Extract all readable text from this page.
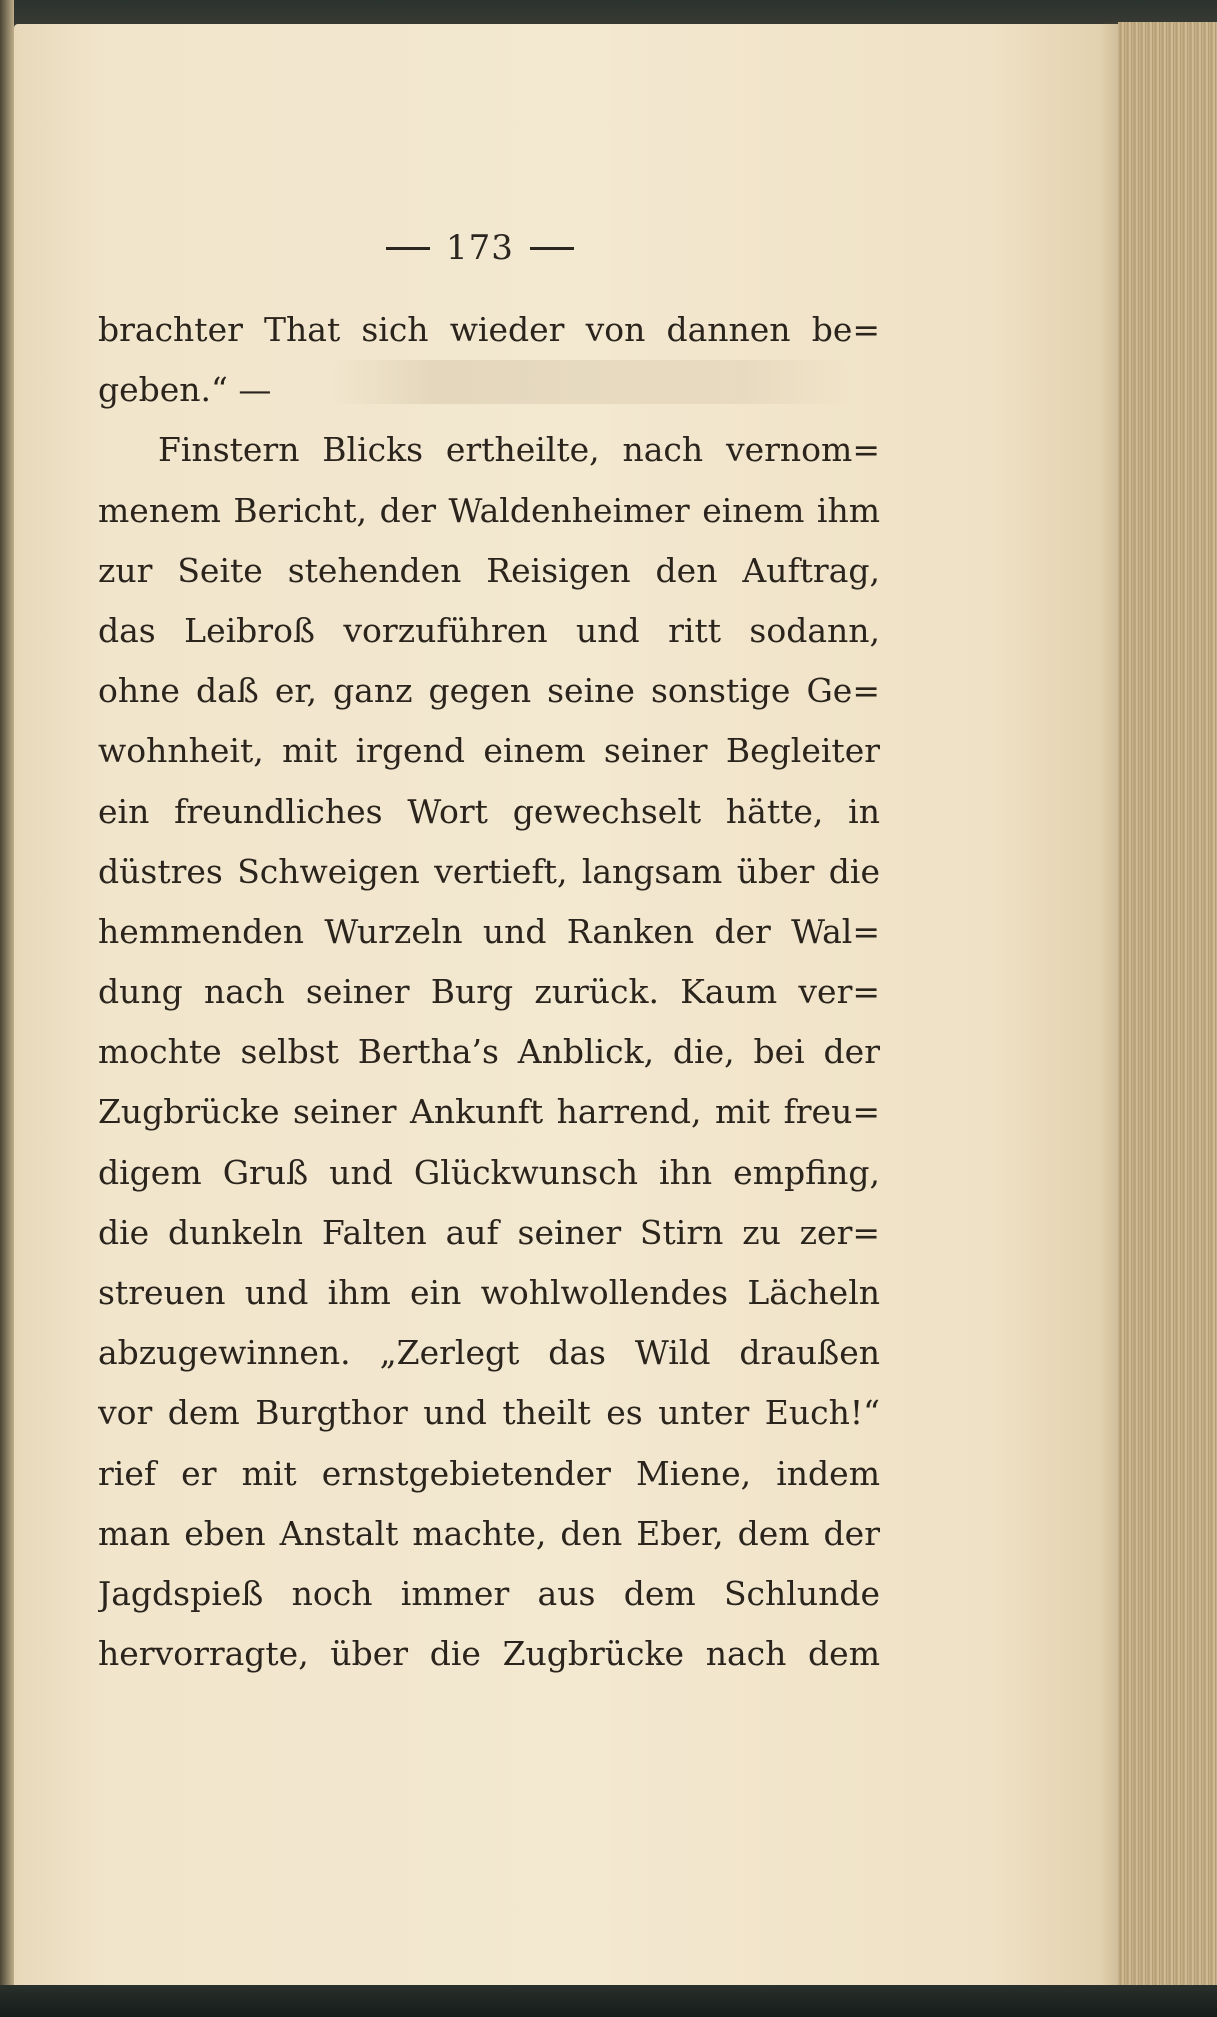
173
brachter That sich wieder von dannen be=
geben.“ —
Finstern Blicks ertheilte, nach vernom=
menem Bericht, der Waldenheimer einem ihm
zur Seite stehenden Reisigen den Auftrag,
das Leibroß vorzuführen und ritt sodann,
ohne daß er, ganz gegen seine sonstige Ge=
wohnheit, mit irgend einem seiner Begleiter
ein freundliches Wort gewechselt hätte, in
düstres Schweigen vertieft, langsam über die
hemmenden Wurzeln und Ranken der Wal=
dung nach seiner Burg zurück. Kaum ver=
mochte selbst Bertha’s Anblick, die, bei der
Zugbrücke seiner Ankunft harrend, mit freu=
digem Gruß und Glückwunsch ihn empfing,
die dunkeln Falten auf seiner Stirn zu zer=
streuen und ihm ein wohlwollendes Lächeln
abzugewinnen. „Zerlegt das Wild draußen
vor dem Burgthor und theilt es unter Euch!“
rief er mit ernstgebietender Miene, indem
man eben Anstalt machte, den Eber, dem der
Jagdspieß noch immer aus dem Schlunde
hervorragte, über die Zugbrücke nach dem
